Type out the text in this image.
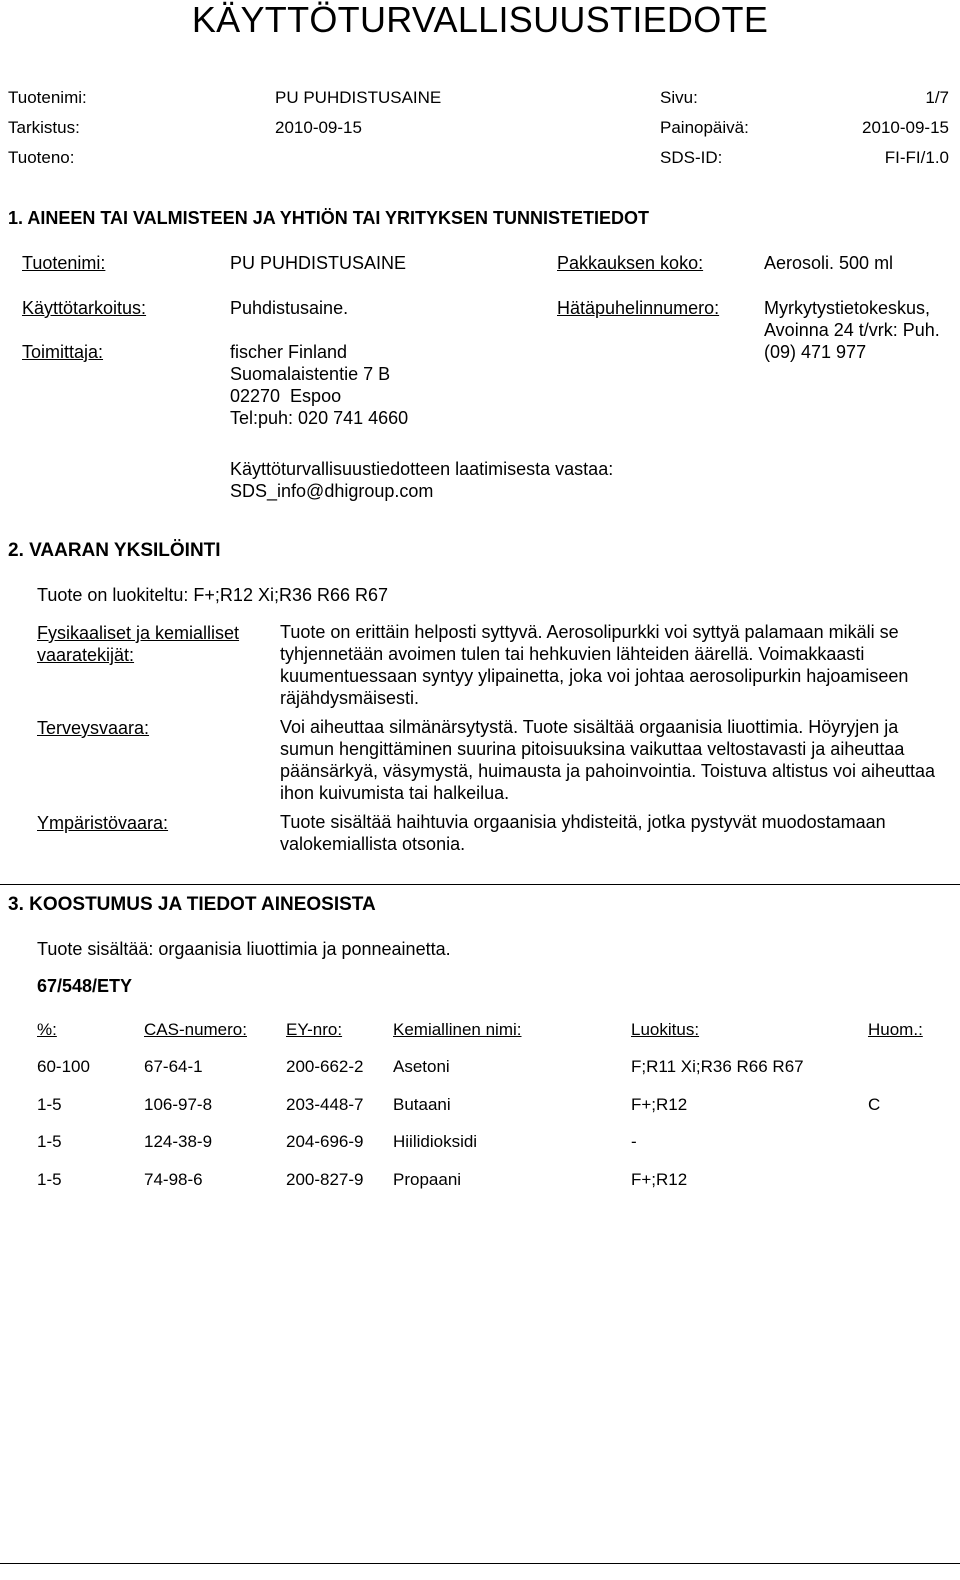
KÄYTTÖTURVALLISUUSTIEDOTE
Tuotenimi:	PU PUHDISTUSAINE	Sivu:	1/7
Tarkistus:	2010-09-15	Painopäivä:	2010-09-15
Tuoteno:	SDS-ID:	FI-FI/1.0
1. AINEEN TAI VALMISTEEN JA YHTIÖN TAI YRITYKSEN TUNNISTETIEDOT
Tuotenimi:	PU PUHDISTUSAINE	Pakkauksen koko:	Aerosoli. 500 ml
Käyttötarkoitus:	Puhdistusaine.	Hätäpuhelinnumero: Myrkytystietokeskus,
Avoinna 24 t/vrk: Puh.
(09) 471 977
Toimittaja:	fischer Finland
Suomalaistentie 7 B
02270  Espoo
Tel:puh: 020 741 4660
Käyttöturvallisuustiedotteen laatimisesta vastaa:
SDS_info@dhigroup.com
2. VAARAN YKSILÖINTI
Tuote on luokiteltu: F+;R12 Xi;R36 R66 R67
Fysikaaliset ja kemialliset
vaaratekijät:
Tuote on erittäin helposti syttyvä. Aerosolipurkki voi syttyä palamaan mikäli se tyhjennetään avoimen tulen tai hehkuvien lähteiden äärellä. Voimakkaasti kuumentuessaan syntyy ylipainetta, joka voi johtaa aerosolipurkin hajoamiseen räjähdysmäisesti.
Terveysvaara:	Voi aiheuttaa silmänärsytystä. Tuote sisältää orgaanisia liuottimia. Höyryjen ja sumun hengittäminen suurina pitoisuuksina vaikuttaa veltostavasti ja aiheuttaa päänsärkyä, väsymystä, huimausta ja pahoinvointia. Toistuva altistus voi aiheuttaa ihon kuivumista tai halkeilua.
Ympäristövaara:	Tuote sisältää haihtuvia orgaanisia yhdisteitä, jotka pystyvät muodostamaan valokemiallista otsonia.
3. KOOSTUMUS JA TIEDOT AINEOSISTA
Tuote sisältää: orgaanisia liuottimia ja ponneainetta.
67/548/ETY
%:	CAS-numero: EY-nro:	Kemiallinen nimi:	Luokitus:	Huom.:
60-100	67-64-1	200-662-2 Asetoni	F;R11 Xi;R36 R66 R67
1-5	106-97-8	203-448-7 Butaani	F+;R12	C
1-5	124-38-9	204-696-9 Hiilidioksidi	-
1-5	74-98-6	200-827-9 Propaani	F+;R12
